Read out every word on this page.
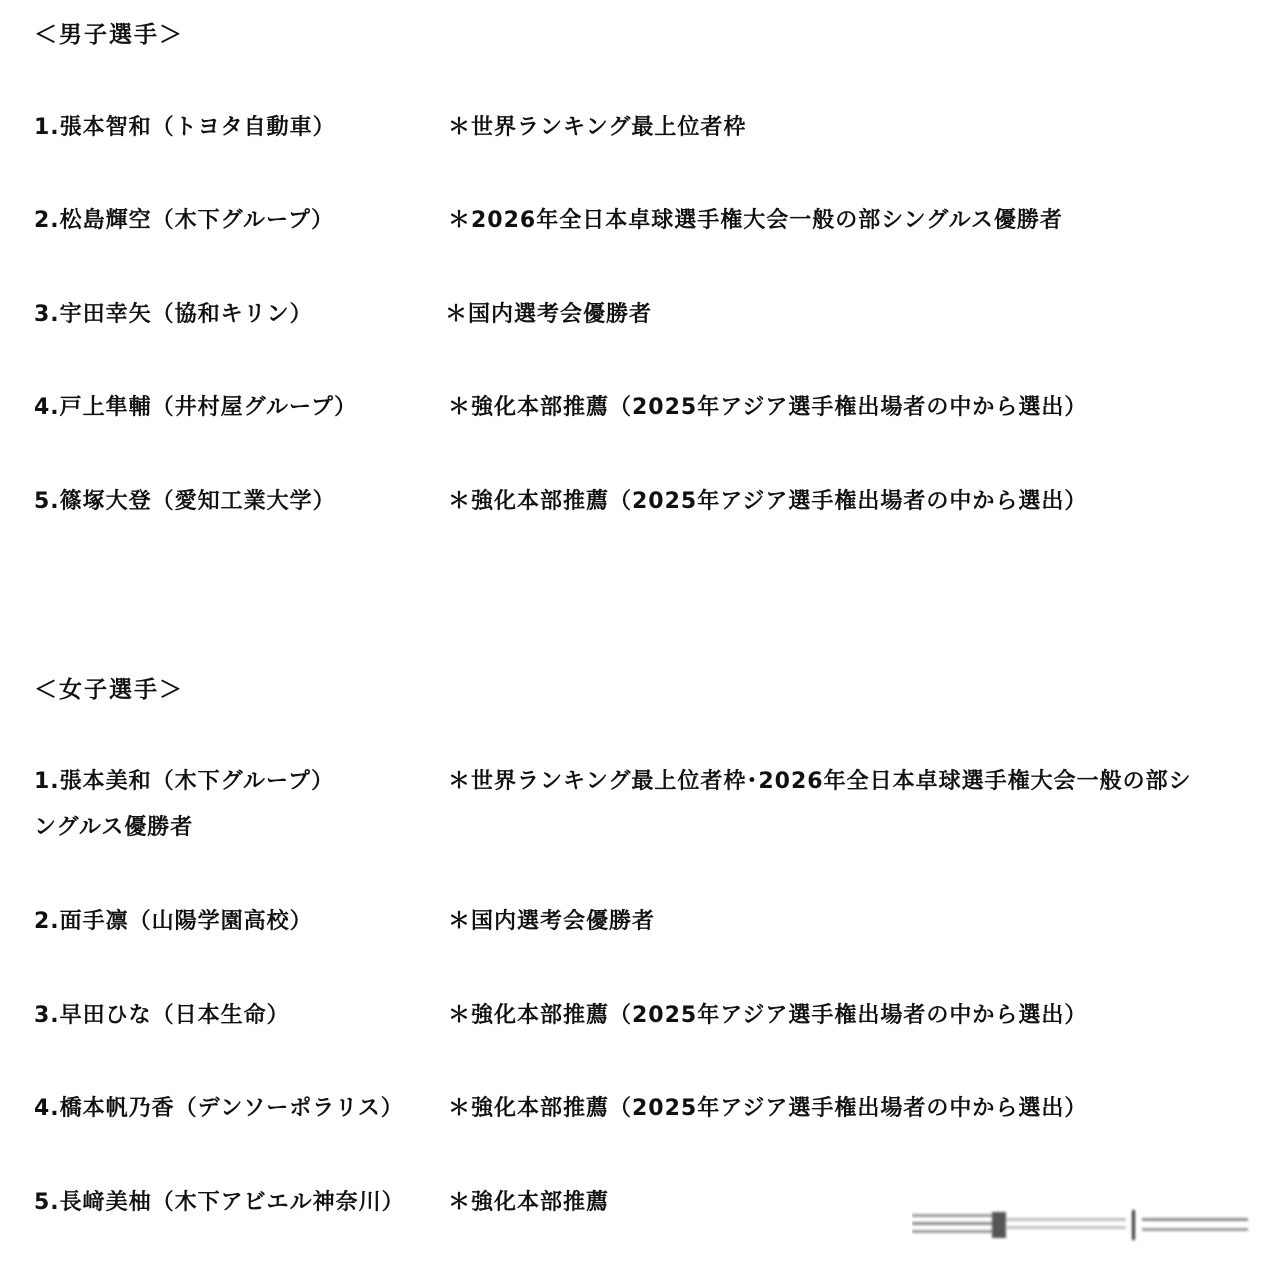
＜男子選手＞
1.張本智和（トヨタ自動車）	＊世界ランキング最上位者枠
2.松島輝空（木下グループ）	＊2026年全日本卓球選手権大会一般の部シングルス優勝者
3.宇田幸矢（協和キリン）	＊国内選考会優勝者
4.戸上隼輔（井村屋グループ）	＊強化本部推薦（2025年アジア選手権出場者の中から選出）
5.篠塚大登（愛知工業大学）	＊強化本部推薦（2025年アジア選手権出場者の中から選出）
＜女子選手＞
1.張本美和（木下グループ）	＊世界ランキング最上位者枠･2026年全日本卓球選手権大会一般の部シ
ングルス優勝者
2.面手凛（山陽学園高校）	＊国内選考会優勝者
3.早田ひな（日本生命）	＊強化本部推薦（2025年アジア選手権出場者の中から選出）
4.橋本帆乃香（デンソーポラリス） ＊強化本部推薦（2025年アジア選手権出場者の中から選出）
5.長﨑美柚（木下アビエル神奈川） ＊強化本部推薦
